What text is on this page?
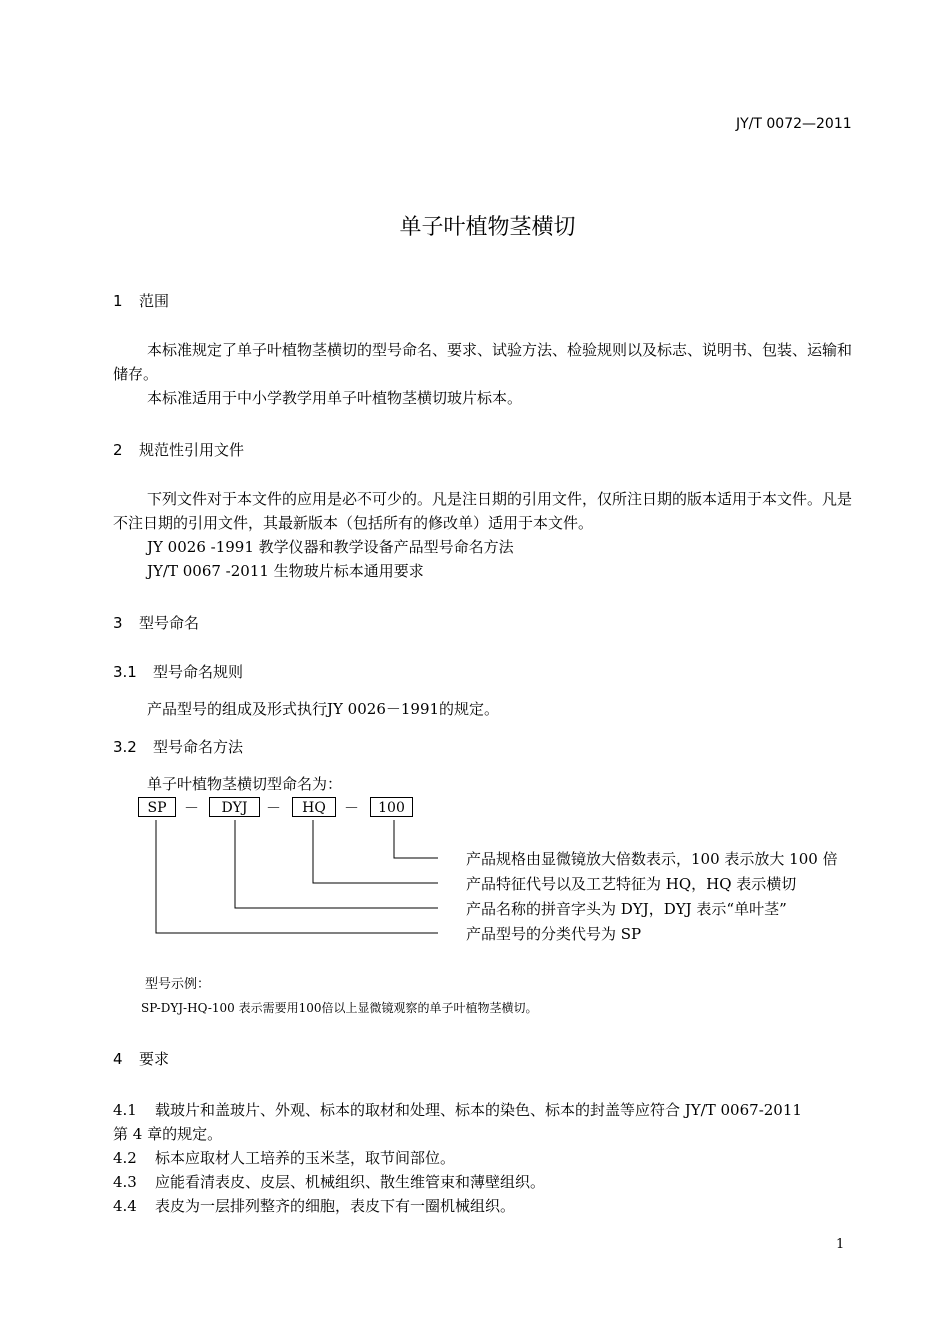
JY/T 0072—2011
单子叶植物茎横切
1 范围
本标准规定了单子叶植物茎横切的型号命名、要求、试验方法、检验规则以及标志、说明书、包装、运输和储存。
本标准适用于中小学教学用单子叶植物茎横切玻片标本。
2 规范性引用文件
下列文件对于本文件的应用是必不可少的。凡是注日期的引用文件，仅所注日期的版本适用于本文件。凡是不注日期的引用文件，其最新版本（包括所有的修改单）适用于本文件。
JY 0026 -1991 教学仪器和教学设备产品型号命名方法
JY/T 0067 -2011 生物玻片标本通用要求
3 型号命名
3.1 型号命名规则
产品型号的组成及形式执行JY 0026－1991的规定。
3.2 型号命名方法
单子叶植物茎横切型命名为：
SP	－	DYJ	－	HQ	－	100
产品规格由显微镜放大倍数表示，100 表示放大 100 倍
产品特征代号以及工艺特征为 HQ，HQ 表示横切
产品名称的拼音字头为 DYJ，DYJ 表示“单叶茎”
产品型号的分类代号为 SP
型号示例：
SP-DYJ-HQ-100 表示需要用100倍以上显微镜观察的单子叶植物茎横切。
4 要求
4.1 载玻片和盖玻片、外观、标本的取材和处理、标本的染色、标本的封盖等应符合 JY/T 0067-2011
第 4 章的规定。
4.2 标本应取材人工培养的玉米茎，取节间部位。
4.3 应能看清表皮、皮层、机械组织、散生维管束和薄壁组织。
4.4 表皮为一层排列整齐的细胞，表皮下有一圈机械组织。
1
